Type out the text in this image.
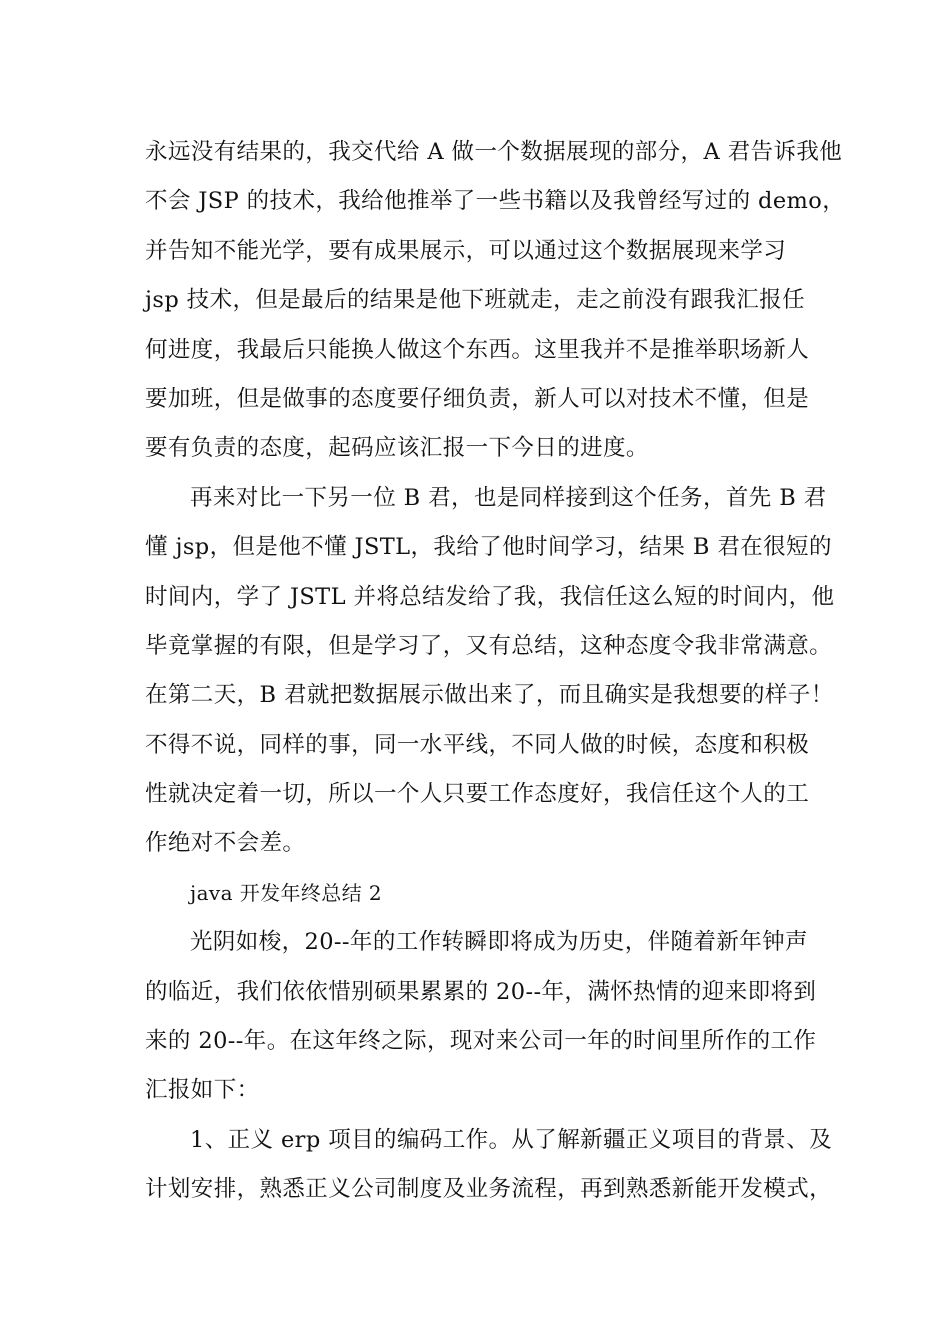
永远没有结果的，我交代给 A 做一个数据展现的部分，A 君告诉我他
不会 JSP 的技术，我给他推举了一些书籍以及我曾经写过的 demo，
并告知不能光学，要有成果展示，可以通过这个数据展现来学习
jsp 技术，但是最后的结果是他下班就走，走之前没有跟我汇报任
何进度，我最后只能换人做这个东西。这里我并不是推举职场新人
要加班，但是做事的态度要仔细负责，新人可以对技术不懂，但是
要有负责的态度，起码应该汇报一下今日的进度。
再来对比一下另一位 B 君，也是同样接到这个任务，首先 B 君
懂 jsp，但是他不懂 JSTL，我给了他时间学习，结果 B 君在很短的
时间内，学了 JSTL 并将总结发给了我，我信任这么短的时间内，他
毕竟掌握的有限，但是学习了，又有总结，这种态度令我非常满意。
在第二天，B 君就把数据展示做出来了，而且确实是我想要的样子！
不得不说，同样的事，同一水平线，不同人做的时候，态度和积极
性就决定着一切，所以一个人只要工作态度好，我信任这个人的工
作绝对不会差。
java 开发年终总结 2
光阴如梭，20--年的工作转瞬即将成为历史，伴随着新年钟声
的临近，我们依依惜别硕果累累的 20--年，满怀热情的迎来即将到
来的 20--年。在这年终之际，现对来公司一年的时间里所作的工作
汇报如下：
1、正义 erp 项目的编码工作。从了解新疆正义项目的背景、及
计划安排，熟悉正义公司制度及业务流程，再到熟悉新能开发模式，
